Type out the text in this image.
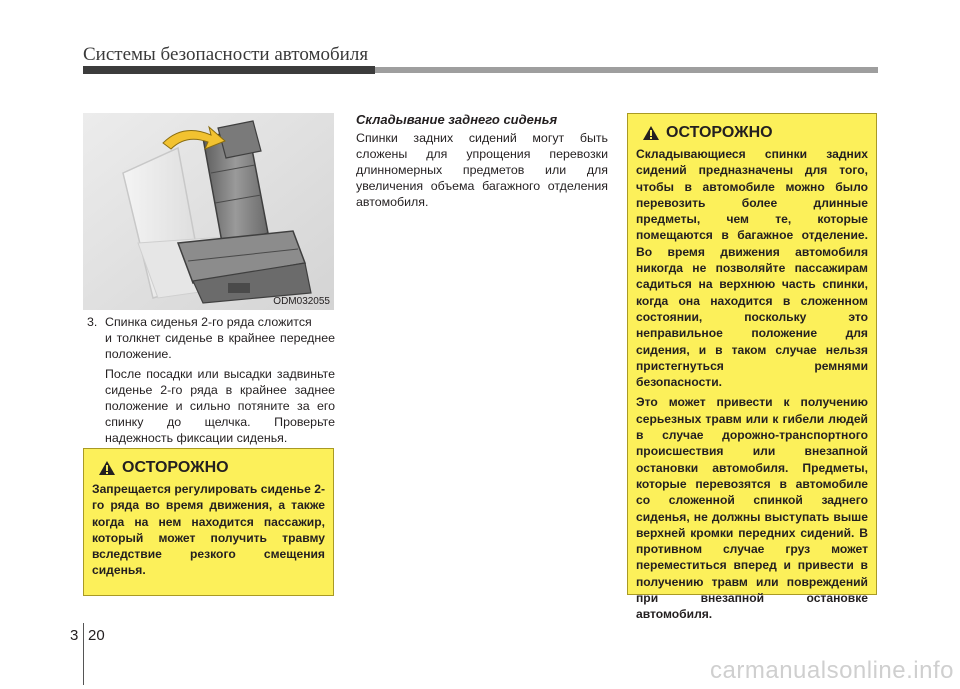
Системы безопасности автомобиля
ODM032055
3. Спинка сиденья 2-го ряда сложится
и толкнет сиденье в крайнее переднее положение.
После посадки или высадки задвиньте сиденье 2-го ряда в крайнее заднее положение и сильно потяните за его спинку до щелчка. Проверьте надежность фиксации сиденья.
ОСТОРОЖНО
Запрещается регулировать сиденье 2-го ряда во время движения, а также когда на нем находится пассажир, который может получить травму вследствие резкого смещения сиденья.
Складывание заднего сиденья
Спинки задних сидений могут быть сложены для упрощения перевозки длинномерных предметов или для увеличения объема багажного отделения автомобиля.
ОСТОРОЖНО

Складывающиеся спинки задних сидений предназначены для того, чтобы в автомобиле можно было перевозить более длинные предметы, чем те, которые помещаются в багажное отделение. Во время движения автомобиля никогда не позволяйте пассажирам садиться на верхнюю часть спинки, когда она находится в сложенном состоянии, поскольку это неправильное положение для сидения, и в таком случае нельзя пристегнуться ремнями безопасности.

Это может привести к получению серьезных травм или к гибели людей в случае дорожно-транспортного происшествия или внезапной остановки автомобиля. Предметы, которые перевозятся в автомобиле со сложенной спинкой заднего сиденья, не должны выступать выше верхней кромки передних сидений. В противном случае груз может переместиться вперед и привести в получению травм или повреждений при внезапной остановке автомобиля.

3 20
carmanualsonline.info
